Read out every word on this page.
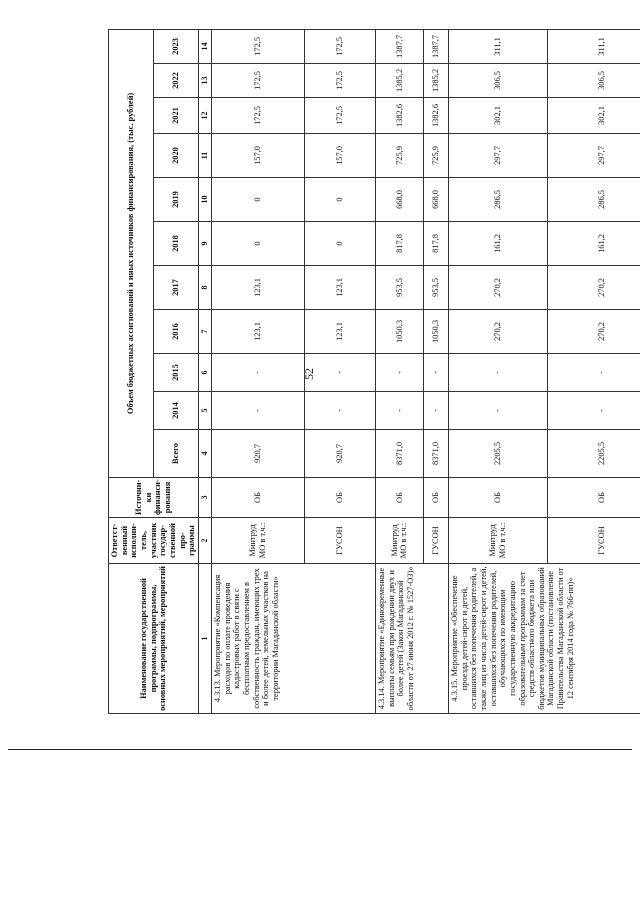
52
Наименование государственной программы, подпрограммы, основных мероприятий, мероприятий	Ответст-венный исполни-тель, участник государ-ственной про-граммы	Источни-ки финанси-рования	Объем бюджетных ассигнований и иных источников финансирования, (тыс. рублей)										
			Всего	2014	2015	2016	2017	2018	2019	2020	2021	2022	2023
1	2	3	4	5	6	7	8	9	10	11	12	13	14
4.3.13. Мероприятие «Компенсация расходов по оплате проведения кадастровых работ в связи с бесплатным предоставлением в собственность граждан, имеющих трех и более детей, земельных участков на территории Магаданской области»	Минтруд МО в т.ч.:	ОБ	920,7	-	-	123,1	123,1	0	0	157,0	172,5	172,5	172,5
	ГУСОН	ОБ	920,7	-	-	123,1	123,1	0	0	157,0	172,5	172,5	172,5
4.3.14. Мероприятие «Единовременные выплаты семьям при рождении двух и более детей (Закон Магаданской области от 27 июня 2012 г. № 1527-ОЗ)»	Минтруд МО в т.ч.:	ОБ	8371,0	-	-	1050,3	953,5	817,8	668,0	725,9	1382,6	1385,2	1387,7
	ГУСОН	ОБ	8371,0	-	-	1050,3	953,5	817,8	668,0	725,9	1382,6	1385,2	1387,7
4.3.15. Мероприятие «Обеспечение проезда детей-сирот и детей, оставшихся без попечения родителей, а также лиц из числа детей-сирот и детей, оставшихся без попечения родителей, обучающихся по имеющим государственную аккредитацию образовательным программам за счет средств областного бюджета или бюджетов муниципальных образований Магаданской области (постановление Правительства Магаданской области от 12 сентября 2014 года № 766-пп)»	Минтруд МО в т.ч.:	ОБ	2205,5	-	-	270,2	270,2	161,2	286,5	297,7	302,1	306,5	311,1
	ГУСОН	ОБ	2205,5	-	-	270,2	270,2	161,2	286,5	297,7	302,1	306,5	311,1
